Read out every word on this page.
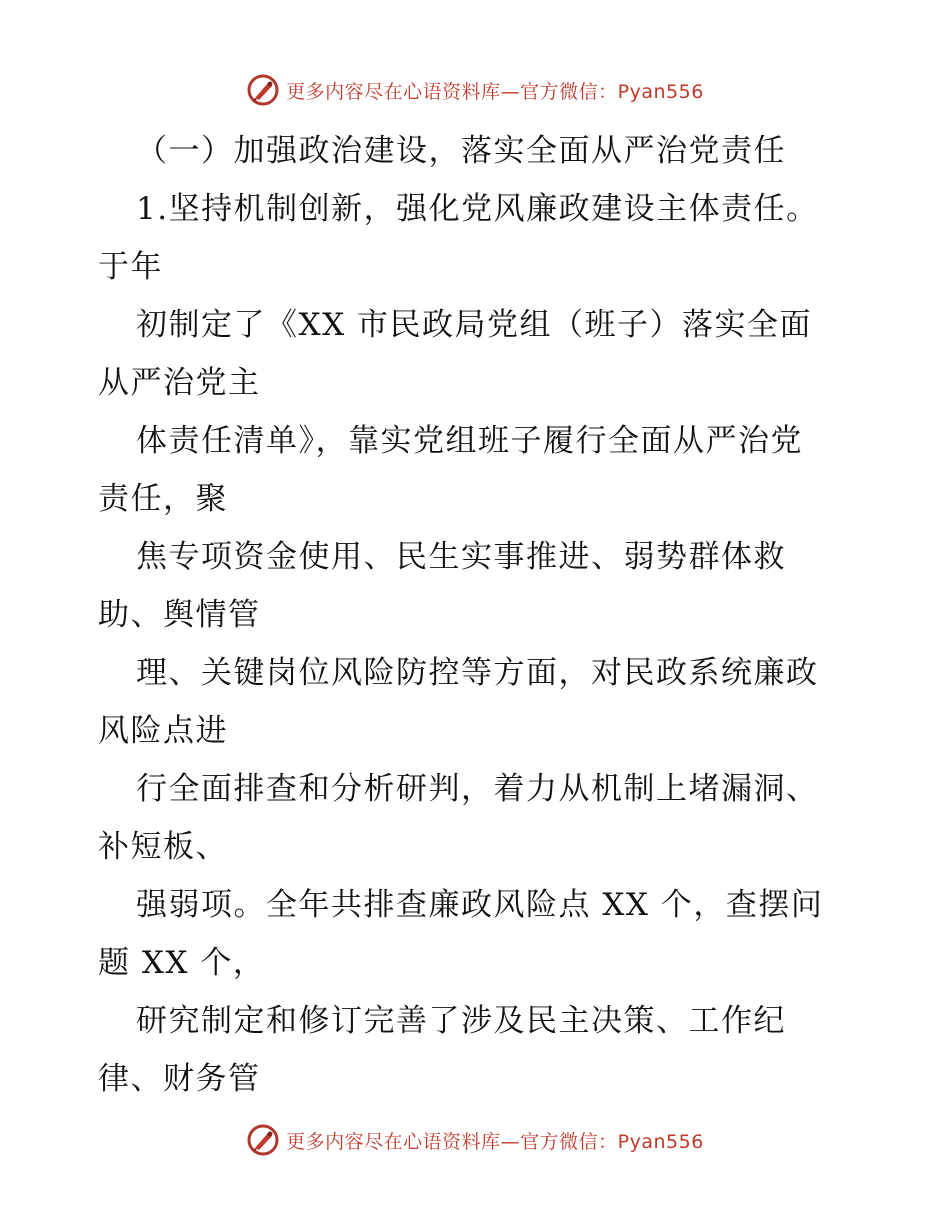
更多内容尽在心语资料库—官方微信：Pyan556
（一）加强政治建设，落实全面从严治党责任
1.坚持机制创新，强化党风廉政建设主体责任。
于年
初制定了《XX 市民政局党组（班子）落实全面
从严治党主
体责任清单》，靠实党组班子履行全面从严治党
责任，聚
焦专项资金使用、民生实事推进、弱势群体救
助、舆情管
理、关键岗位风险防控等方面，对民政系统廉政
风险点进
行全面排查和分析研判，着力从机制上堵漏洞、
补短板、
强弱项。全年共排查廉政风险点 XX 个，查摆问
题 XX 个，
研究制定和修订完善了涉及民主决策、工作纪
律、财务管
更多内容尽在心语资料库—官方微信：Pyan556
